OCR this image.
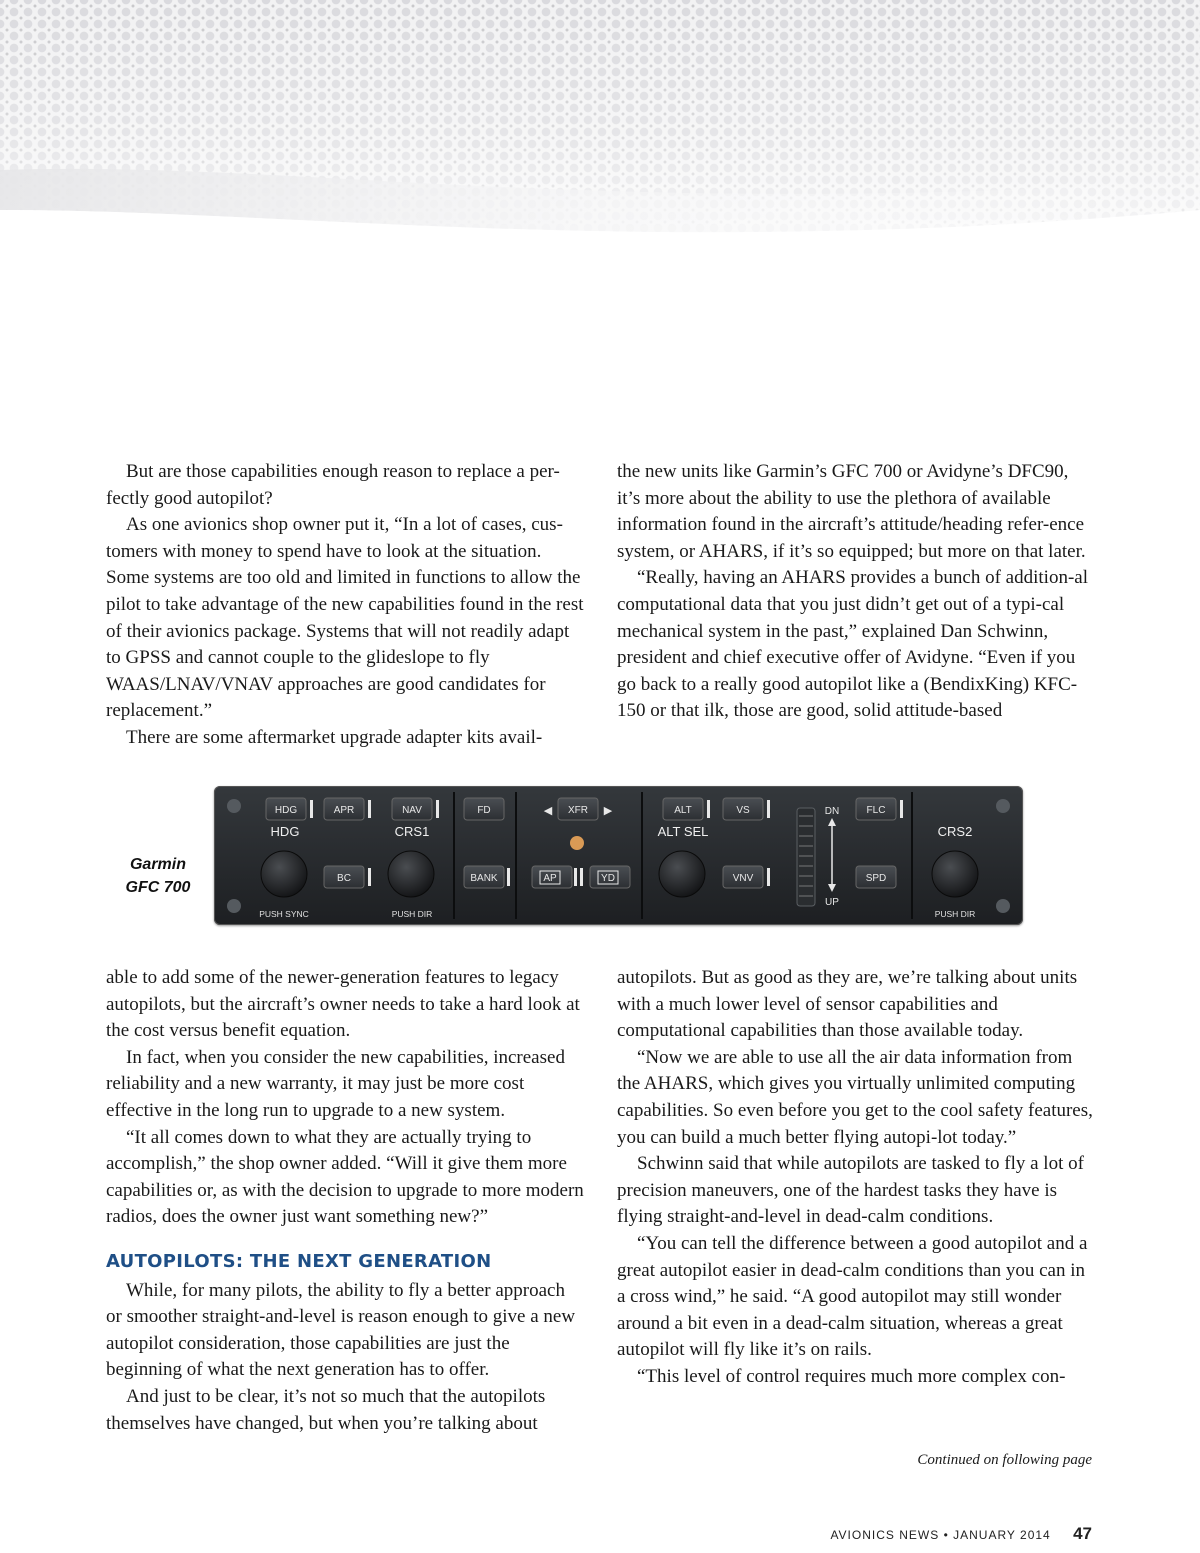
But are those capabilities enough reason to replace a per-fectly good autopilot?

As one avionics shop owner put it, “In a lot of cases, cus-tomers with money to spend have to look at the situation. Some systems are too old and limited in functions to allow the pilot to take advantage of the new capabilities found in the rest of their avionics package. Systems that will not readily adapt to GPSS and cannot couple to the glideslope to fly WAAS/LNAV/VNAV approaches are good candidates for replacement.”

There are some aftermarket upgrade adapter kits avail-

the new units like Garmin’s GFC 700 or Avidyne’s DFC90, it’s more about the ability to use the plethora of available information found in the aircraft’s attitude/heading refer-ence system, or AHARS, if it’s so equipped; but more on that later.

“Really, having an AHARS provides a bunch of addition-al computational data that you just didn’t get out of a typi-cal mechanical system in the past,” explained Dan Schwinn, president and chief executive offer of Avidyne. “Even if you go back to a really good autopilot like a (BendixKing) KFC-150 or that ilk, those are good, solid attitude-based

Garmin
GFC 700
HDG	APR	NAV
HDG	CRS1
BC
PUSH SYNC	PUSH DIR
FD
BANK
◀ XFR ▶
AP	YD
ALT	VS
ALT SEL
VNV
DN
UP
FLC
SPD
CRS2
PUSH DIR

able to add some of the newer-generation features to legacy autopilots, but the aircraft’s owner needs to take a hard look at the cost versus benefit equation.

In fact, when you consider the new capabilities, increased reliability and a new warranty, it may just be more cost effective in the long run to upgrade to a new system.

“It all comes down to what they are actually trying to accomplish,” the shop owner added. “Will it give them more capabilities or, as with the decision to upgrade to more modern radios, does the owner just want something new?”

AUTOPILOTS: THE NEXT GENERATION

While, for many pilots, the ability to fly a better approach or smoother straight-and-level is reason enough to give a new autopilot consideration, those capabilities are just the beginning of what the next generation has to offer.

And just to be clear, it’s not so much that the autopilots themselves have changed, but when you’re talking about

autopilots. But as good as they are, we’re talking about units with a much lower level of sensor capabilities and computational capabilities than those available today.

“Now we are able to use all the air data information from the AHARS, which gives you virtually unlimited computing capabilities. So even before you get to the cool safety features, you can build a much better flying autopi-lot today.”

Schwinn said that while autopilots are tasked to fly a lot of precision maneuvers, one of the hardest tasks they have is flying straight-and-level in dead-calm conditions.

“You can tell the difference between a good autopilot and a great autopilot easier in dead-calm conditions than you can in a cross wind,” he said. “A good autopilot may still wonder around a bit even in a dead-calm situation, whereas a great autopilot will fly like it’s on rails.

“This level of control requires much more complex con-

Continued on following page
AVIONICS NEWS • JANUARY 2014 47
